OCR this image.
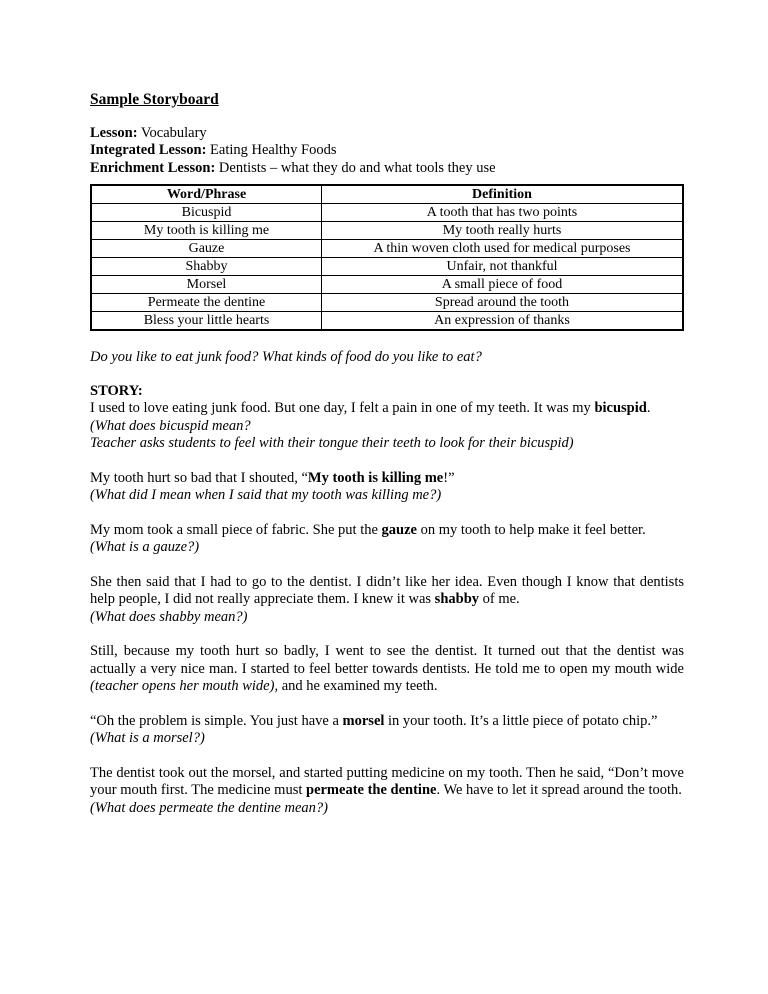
Sample Storyboard

Lesson: Vocabulary

Integrated Lesson: Eating Healthy Foods

Enrichment Lesson: Dentists – what they do and what tools they use

Word/Phrase	Definition
Bicuspid	A tooth that has two points
My tooth is killing me	My tooth really hurts
Gauze	A thin woven cloth used for medical purposes
Shabby	Unfair, not thankful
Morsel	A small piece of food
Permeate the dentine	Spread around the tooth
Bless your little hearts	An expression of thanks

Do you like to eat junk food? What kinds of food do you like to eat?

STORY:

I used to love eating junk food. But one day, I felt a pain in one of my teeth. It was my bicuspid.

(What does bicuspid mean?

Teacher asks students to feel with their tongue their teeth to look for their bicuspid)

My tooth hurt so bad that I shouted, “My tooth is killing me!”

(What did I mean when I said that my tooth was killing me?)

My mom took a small piece of fabric. She put the gauze on my tooth to help make it feel better.

(What is a gauze?)

She then said that I had to go to the dentist. I didn’t like her idea. Even though I know that dentists help people, I did not really appreciate them. I knew it was shabby of me.

(What does shabby mean?)

Still, because my tooth hurt so badly, I went to see the dentist. It turned out that the dentist was actually a very nice man. I started to feel better towards dentists. He told me to open my mouth wide (teacher opens her mouth wide), and he examined my teeth.

“Oh the problem is simple. You just have a morsel in your tooth. It’s a little piece of potato chip.”

(What is a morsel?)

The dentist took out the morsel, and started putting medicine on my tooth. Then he said, “Don’t move your mouth first. The medicine must permeate the dentine. We have to let it spread around the tooth.

(What does permeate the dentine mean?)
